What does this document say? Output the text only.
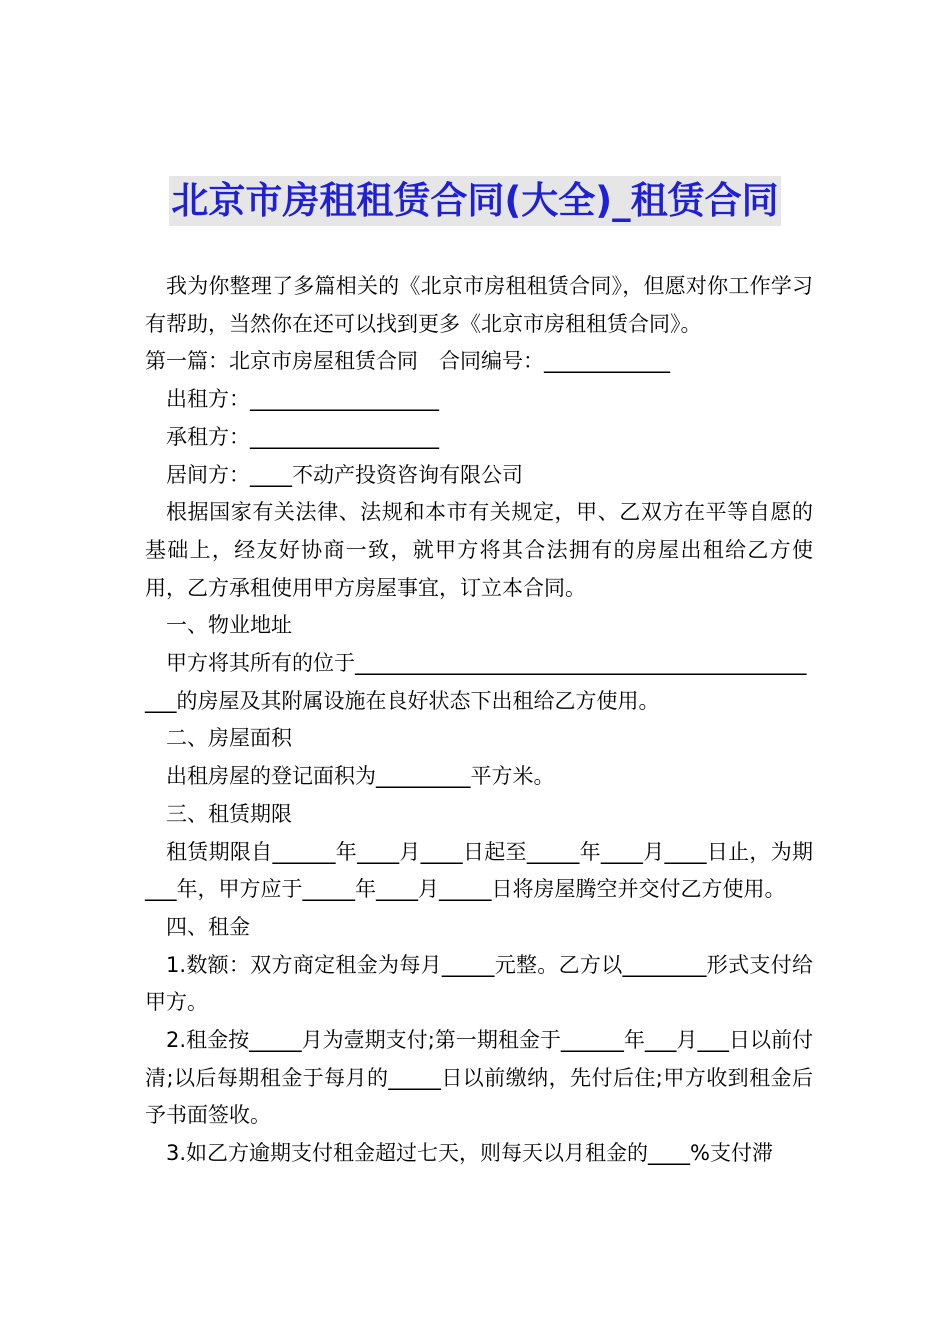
北京市房租租赁合同(大全)_租赁合同

我为你整理了多篇相关的《北京市房租租赁合同》，但愿对你工作学习有帮助，当然你在还可以找到更多《北京市房租租赁合同》。

第一篇：北京市房屋租赁合同　合同编号：____________

出租方：__________________

承租方：__________________

居间方：____不动产投资咨询有限公司

根据国家有关法律、法规和本市有关规定，甲、乙双方在平等自愿的基础上，经友好协商一致，就甲方将其合法拥有的房屋出租给乙方使用，乙方承租使用甲方房屋事宜，订立本合同。

一、物业地址

甲方将其所有的位于______________________________________________的房屋及其附属设施在良好状态下出租给乙方使用。

二、房屋面积

出租房屋的登记面积为_________平方米。

三、租赁期限

租赁期限自______年____月____日起至_____年____月____日止，为期___年，甲方应于_____年____月_____日将房屋腾空并交付乙方使用。

四、租金

1.数额：双方商定租金为每月_____元整。乙方以________形式支付给甲方。

2.租金按_____月为壹期支付;第一期租金于______年___月___日以前付清;以后每期租金于每月的_____日以前缴纳，先付后住;甲方收到租金后予书面签收。

3.如乙方逾期支付租金超过七天，则每天以月租金的____%支付滞
